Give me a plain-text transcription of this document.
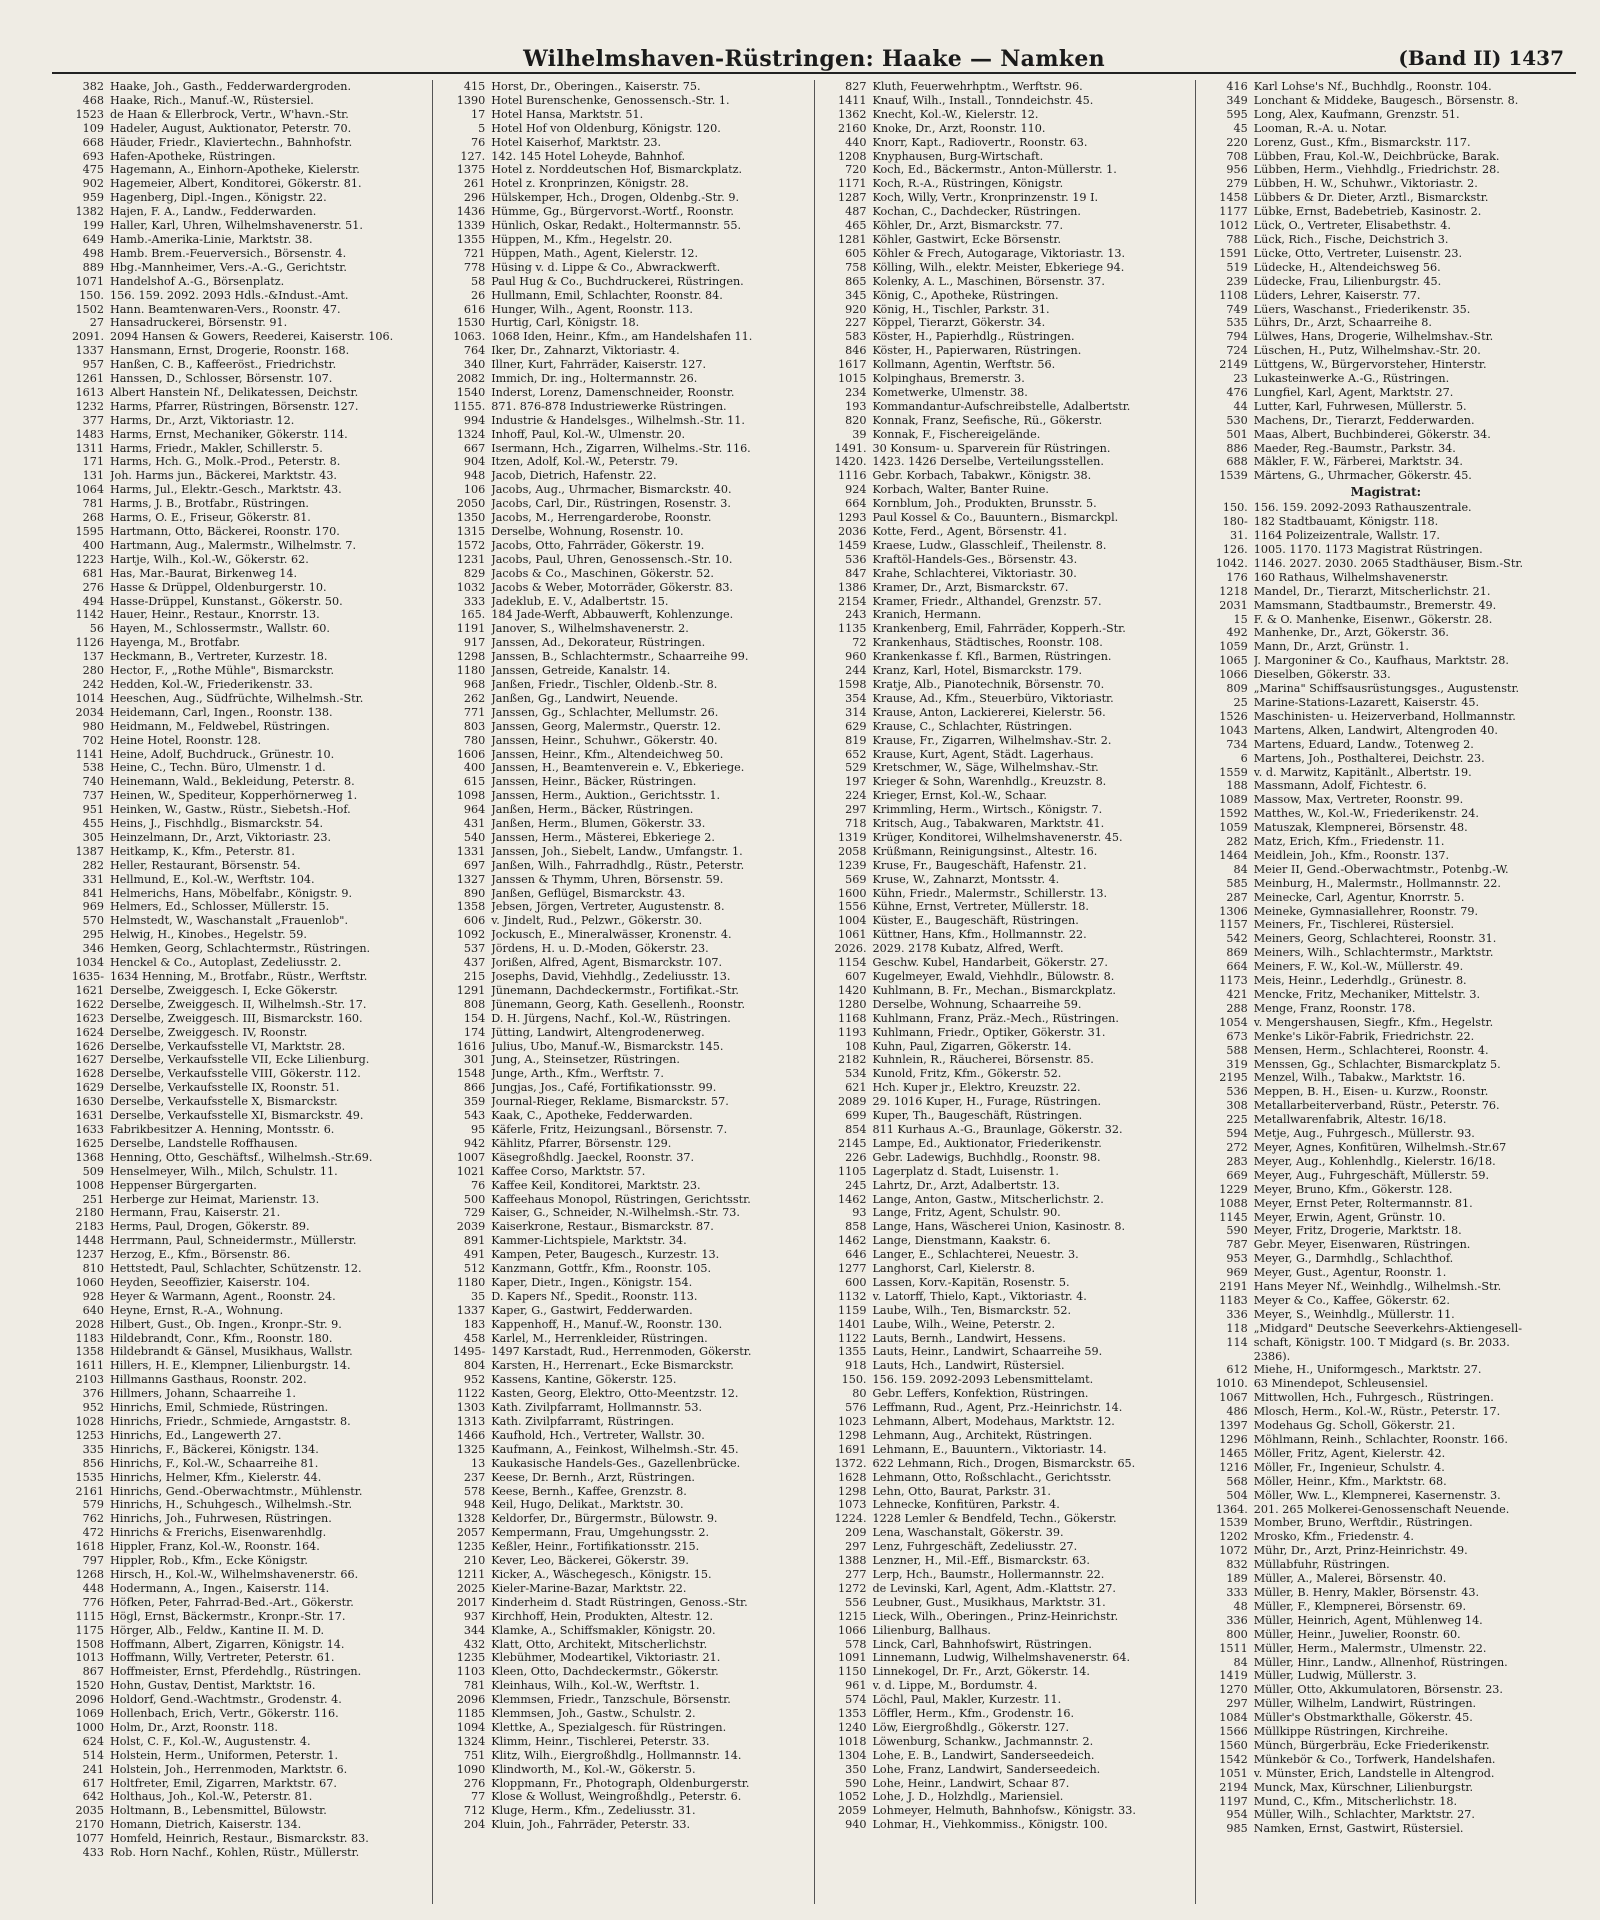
Wilhelmshaven-Rüstringen: Haake — Namken	(Band II) 1437
382 Haake, Joh., Gasth., Fedderwardergroden.
468 Haake, Rich., Manuf.-W., Rüstersiel.
1523 de Haan & Ellerbrock, Vertr., W'havn.-Str.
109 Hadeler, August, Auktionator, Peterstr. 70.
668 Häuder, Friedr., Klaviertechn., Bahnhofstr.
693 Hafen-Apotheke, Rüstringen.
475 Hagemann, A., Einhorn-Apotheke, Kielerstr.
902 Hagemeier, Albert, Konditorei, Gökerstr. 81.
959 Hagenberg, Dipl.-Ingen., Königstr. 22.
1382 Hajen, F. A., Landw., Fedderwarden.
199 Haller, Karl, Uhren, Wilhelmshavenerstr. 51.
649 Hamb.-Amerika-Linie, Marktstr. 38.
498 Hamb. Brem.-Feuerversich., Börsenstr. 4.
889 Hbg.-Mannheimer, Vers.-A.-G., Gerichtstr.
1071 Handelshof A.-G., Börsenplatz.
150. 156. 159. 2092. 2093 Hdls.-&Indust.-Amt.
1502 Hann. Beamtenwaren-Vers., Roonstr. 47.
27 Hansadruckerei, Börsenstr. 91.
2091. 2094 Hansen & Gowers, Reederei, Kaiserstr. 106.
1337 Hansmann, Ernst, Drogerie, Roonstr. 168.
957 Hanßen, C. B., Kaffeeröst., Friedrichstr.
1261 Hanssen, D., Schlosser, Börsenstr. 107.
1613 Albert Hanstein Nf., Delikatessen, Deichstr.
1232 Harms, Pfarrer, Rüstringen, Börsenstr. 127.
377 Harms, Dr., Arzt, Viktoriastr. 12.
1483 Harms, Ernst, Mechaniker, Gökerstr. 114.
1311 Harms, Friedr., Makler, Schillerstr. 5.
171 Harms, Hch. G., Molk.-Prod., Peterstr. 8.
131 Joh. Harms jun., Bäckerei, Marktstr. 43.
1064 Harms, Jul., Elektr.-Gesch., Marktstr. 43.
781 Harms, J. B., Brotfabr., Rüstringen.
268 Harms, O. E., Friseur, Gökerstr. 81.
1595 Hartmann, Otto, Bäckerei, Roonstr. 170.
400 Hartmann, Aug., Malermstr., Wilhelmstr. 7.
1223 Hartje, Wilh., Kol.-W., Gökerstr. 62.
681 Has, Mar.-Baurat, Birkenweg 14.
276 Hasse & Drüppel, Oldenburgerstr. 10.
494 Hasse-Drüppel, Kunstanst., Gökerstr. 50.
1142 Hauer, Heinr., Restaur., Knorrstr. 13.
56 Hayen, M., Schlossermstr., Wallstr. 60.
1126 Hayenga, M., Brotfabr.
137 Heckmann, B., Vertreter, Kurzestr. 18.
280 Hector, F., „Rothe Mühle", Bismarckstr.
242 Hedden, Kol.-W., Friederikenstr. 33.
1014 Heeschen, Aug., Südfrüchte, Wilhelmsh.-Str.
2034 Heidemann, Carl, Ingen., Roonstr. 138.
980 Heidmann, M., Feldwebel, Rüstringen.
702 Heine Hotel, Roonstr. 128.
1141 Heine, Adolf, Buchdruck., Grünestr. 10.
538 Heine, C., Techn. Büro, Ulmenstr. 1 d.
740 Heinemann, Wald., Bekleidung, Peterstr. 8.
737 Heinen, W., Spediteur, Kopperhörnerweg 1.
951 Heinken, W., Gastw., Rüstr., Siebetsh.-Hof.
455 Heins, J., Fischhdlg., Bismarckstr. 54.
305 Heinzelmann, Dr., Arzt, Viktoriastr. 23.
1387 Heitkamp, K., Kfm., Peterstr. 81.
282 Heller, Restaurant, Börsenstr. 54.
331 Hellmund, E., Kol.-W., Werftstr. 104.
841 Helmerichs, Hans, Möbelfabr., Königstr. 9.
969 Helmers, Ed., Schlosser, Müllerstr. 15.
570 Helmstedt, W., Waschanstalt „Frauenlob".
295 Helwig, H., Kinobes., Hegelstr. 59.
346 Hemken, Georg, Schlachtermstr., Rüstringen.
1034 Henckel & Co., Autoplast, Zedeliusstr. 2.
1635- 1634 Henning, M., Brotfabr., Rüstr., Werftstr.
1621 Derselbe, Zweiggesch. I, Ecke Gökerstr.
1622 Derselbe, Zweiggesch. II, Wilhelmsh.-Str. 17.
1623 Derselbe, Zweiggesch. III, Bismarckstr. 160.
1624 Derselbe, Zweiggesch. IV, Roonstr.
1626 Derselbe, Verkaufsstelle VI, Marktstr. 28.
1627 Derselbe, Verkaufsstelle VII, Ecke Lilienburg.
1628 Derselbe, Verkaufsstelle VIII, Gökerstr. 112.
1629 Derselbe, Verkaufsstelle IX, Roonstr. 51.
1630 Derselbe, Verkaufsstelle X, Bismarckstr.
1631 Derselbe, Verkaufsstelle XI, Bismarckstr. 49.
1633 Fabrikbesitzer A. Henning, Montsstr. 6.
1625 Derselbe, Landstelle Roffhausen.
1368 Henning, Otto, Geschäftsf., Wilhelmsh.-Str.69.
509 Henselmeyer, Wilh., Milch, Schulstr. 11.
1008 Heppenser Bürgergarten.
251 Herberge zur Heimat, Marienstr. 13.
2180 Hermann, Frau, Kaiserstr. 21.
2183 Herms, Paul, Drogen, Gökerstr. 89.
1448 Herrmann, Paul, Schneidermstr., Müllerstr.
1237 Herzog, E., Kfm., Börsenstr. 86.
810 Hettstedt, Paul, Schlachter, Schützenstr. 12.
1060 Heyden, Seeoffizier, Kaiserstr. 104.
928 Heyer & Warmann, Agent., Roonstr. 24.
640 Heyne, Ernst, R.-A., Wohnung.
2028 Hilbert, Gust., Ob. Ingen., Kronpr.-Str. 9.
1183 Hildebrandt, Conr., Kfm., Roonstr. 180.
1358 Hildebrandt & Gänsel, Musikhaus, Wallstr.
1611 Hillers, H. E., Klempner, Lilienburgstr. 14.
2103 Hillmanns Gasthaus, Roonstr. 202.
376 Hillmers, Johann, Schaarreihe 1.
952 Hinrichs, Emil, Schmiede, Rüstringen.
1028 Hinrichs, Friedr., Schmiede, Arngaststr. 8.
1253 Hinrichs, Ed., Langewerth 27.
335 Hinrichs, F., Bäckerei, Königstr. 134.
856 Hinrichs, F., Kol.-W., Schaarreihe 81.
1535 Hinrichs, Helmer, Kfm., Kielerstr. 44.
2161 Hinrichs, Gend.-Oberwachtmstr., Mühlenstr.
579 Hinrichs, H., Schuhgesch., Wilhelmsh.-Str.
762 Hinrichs, Joh., Fuhrwesen, Rüstringen.
472 Hinrichs & Frerichs, Eisenwarenhdlg.
1618 Hippler, Franz, Kol.-W., Roonstr. 164.
797 Hippler, Rob., Kfm., Ecke Königstr.
1268 Hirsch, H., Kol.-W., Wilhelmshavenerstr. 66.
448 Hodermann, A., Ingen., Kaiserstr. 114.
776 Höfken, Peter, Fahrrad-Bed.-Art., Gökerstr.
1115 Högl, Ernst, Bäckermstr., Kronpr.-Str. 17.
1175 Hörger, Alb., Feldw., Kantine II. M. D.
1508 Hoffmann, Albert, Zigarren, Königstr. 14.
1013 Hoffmann, Willy, Vertreter, Peterstr. 61.
867 Hoffmeister, Ernst, Pferdehdlg., Rüstringen.
1520 Hohn, Gustav, Dentist, Marktstr. 16.
2096 Holdorf, Gend.-Wachtmstr., Grodenstr. 4.
1069 Hollenbach, Erich, Vertr., Gökerstr. 116.
1000 Holm, Dr., Arzt, Roonstr. 118.
624 Holst, C. F., Kol.-W., Augustenstr. 4.
514 Holstein, Herm., Uniformen, Peterstr. 1.
241 Holstein, Joh., Herrenmoden, Marktstr. 6.
617 Holtfreter, Emil, Zigarren, Marktstr. 67.
642 Holthaus, Joh., Kol.-W., Peterstr. 81.
2035 Holtmann, B., Lebensmittel, Bülowstr.
2170 Homann, Dietrich, Kaiserstr. 134.
1077 Homfeld, Heinrich, Restaur., Bismarckstr. 83.
433 Rob. Horn Nachf., Kohlen, Rüstr., Müllerstr.
415 Horst, Dr., Oberingen., Kaiserstr. 75.
1390 Hotel Burenschenke, Genossensch.-Str. 1.
17 Hotel Hansa, Marktstr. 51.
5 Hotel Hof von Oldenburg, Königstr. 120.
76 Hotel Kaiserhof, Marktstr. 23.
127. 142. 145 Hotel Loheyde, Bahnhof.
1375 Hotel z. Norddeutschen Hof, Bismarckplatz.
261 Hotel z. Kronprinzen, Königstr. 28.
296 Hülskemper, Hch., Drogen, Oldenbg.-Str. 9.
1436 Hümme, Gg., Bürgervorst.-Wortf., Roonstr.
1339 Hünlich, Oskar, Redakt., Holtermannstr. 55.
1355 Hüppen, M., Kfm., Hegelstr. 20.
721 Hüppen, Math., Agent, Kielerstr. 12.
778 Hüsing v. d. Lippe & Co., Abwrackwerft.
58 Paul Hug & Co., Buchdruckerei, Rüstringen.
26 Hullmann, Emil, Schlachter, Roonstr. 84.
616 Hunger, Wilh., Agent, Roonstr. 113.
1530 Hurtig, Carl, Königstr. 18.
1063. 1068 Iden, Heinr., Kfm., am Handelshafen 11.
764 Iker, Dr., Zahnarzt, Viktoriastr. 4.
340 Illner, Kurt, Fahrräder, Kaiserstr. 127.
2082 Immich, Dr. ing., Holtermannstr. 26.
1540 Inderst, Lorenz, Damenschneider, Roonstr.
1155. 871. 876-878 Industriewerke Rüstringen.
994 Industrie & Handelsges., Wilhelmsh.-Str. 11.
1324 Inhoff, Paul, Kol.-W., Ulmenstr. 20.
667 Isermann, Hch., Zigarren, Wilhelms.-Str. 116.
904 Itzen, Adolf, Kol.-W., Peterstr. 79.
948 Jacob, Dietrich, Hafenstr. 22.
106 Jacobs, Aug., Uhrmacher, Bismarckstr. 40.
2050 Jacobs, Carl, Dir., Rüstringen, Rosenstr. 3.
1350 Jacobs, M., Herrengarderobe, Roonstr.
1315 Derselbe, Wohnung, Rosenstr. 10.
1572 Jacobs, Otto, Fahrräder, Gökerstr. 19.
1231 Jacobs, Paul, Uhren, Genossensch.-Str. 10.
829 Jacobs & Co., Maschinen, Gökerstr. 52.
1032 Jacobs & Weber, Motorräder, Gökerstr. 83.
333 Jadeklub, E. V., Adalbertstr. 15.
165. 184 Jade-Werft, Abbauwerft, Kohlenzunge.
1191 Janover, S., Wilhelmshavenerstr. 2.
917 Janssen, Ad., Dekorateur, Rüstringen.
1298 Janssen, B., Schlachtermstr., Schaarreihe 99.
1180 Janssen, Getreide, Kanalstr. 14.
968 Janßen, Friedr., Tischler, Oldenb.-Str. 8.
262 Janßen, Gg., Landwirt, Neuende.
771 Janssen, Gg., Schlachter, Mellumstr. 26.
803 Janssen, Georg, Malermstr., Querstr. 12.
780 Janssen, Heinr., Schuhwr., Gökerstr. 40.
1606 Janssen, Heinr., Kfm., Altendeichweg 50.
400 Janssen, H., Beamtenverein e. V., Ebkeriege.
615 Janssen, Heinr., Bäcker, Rüstringen.
1098 Janssen, Herm., Auktion., Gerichtsstr. 1.
964 Janßen, Herm., Bäcker, Rüstringen.
431 Janßen, Herm., Blumen, Gökerstr. 33.
540 Janssen, Herm., Mästerei, Ebkeriege 2.
1331 Janssen, Joh., Siebelt, Landw., Umfangstr. 1.
697 Janßen, Wilh., Fahrradhdlg., Rüstr., Peterstr.
1327 Janssen & Thymm, Uhren, Börsenstr. 59.
890 Janßen, Geflügel, Bismarckstr. 43.
1358 Jebsen, Jörgen, Vertreter, Augustenstr. 8.
606 v. Jindelt, Rud., Pelzwr., Gökerstr. 30.
1092 Jockusch, E., Mineralwässer, Kronenstr. 4.
537 Jördens, H. u. D.-Moden, Gökerstr. 23.
437 Jorißen, Alfred, Agent, Bismarckstr. 107.
215 Josephs, David, Viehhdlg., Zedeliusstr. 13.
1291 Jünemann, Dachdeckermstr., Fortifikat.-Str.
808 Jünemann, Georg, Kath. Gesellenh., Roonstr.
154 D. H. Jürgens, Nachf., Kol.-W., Rüstringen.
174 Jütting, Landwirt, Altengrodenerweg.
1616 Julius, Ubo, Manuf.-W., Bismarckstr. 145.
301 Jung, A., Steinsetzer, Rüstringen.
1548 Junge, Arth., Kfm., Werftstr. 7.
866 Jungjas, Jos., Café, Fortifikationsstr. 99.
359 Journal-Rieger, Reklame, Bismarckstr. 57.
543 Kaak, C., Apotheke, Fedderwarden.
95 Käferle, Fritz, Heizungsanl., Börsenstr. 7.
942 Kählitz, Pfarrer, Börsenstr. 129.
1007 Käsegroßhdlg. Jaeckel, Roonstr. 37.
1021 Kaffee Corso, Marktstr. 57.
76 Kaffee Keil, Konditorei, Marktstr. 23.
500 Kaffeehaus Monopol, Rüstringen, Gerichtsstr.
729 Kaiser, G., Schneider, N.-Wilhelmsh.-Str. 73.
2039 Kaiserkrone, Restaur., Bismarckstr. 87.
891 Kammer-Lichtspiele, Marktstr. 34.
491 Kampen, Peter, Baugesch., Kurzestr. 13.
512 Kanzmann, Gottfr., Kfm., Roonstr. 105.
1180 Kaper, Dietr., Ingen., Königstr. 154.
35 D. Kapers Nf., Spedit., Roonstr. 113.
1337 Kaper, G., Gastwirt, Fedderwarden.
183 Kappenhoff, H., Manuf.-W., Roonstr. 130.
458 Karlel, M., Herrenkleider, Rüstringen.
1495- 1497 Karstadt, Rud., Herrenmoden, Gökerstr.
804 Karsten, H., Herrenart., Ecke Bismarckstr.
952 Kassens, Kantine, Gökerstr. 125.
1122 Kasten, Georg, Elektro, Otto-Meentzstr. 12.
1303 Kath. Zivilpfarramt, Hollmannstr. 53.
1313 Kath. Zivilpfarramt, Rüstringen.
1466 Kaufhold, Hch., Vertreter, Wallstr. 30.
1325 Kaufmann, A., Feinkost, Wilhelmsh.-Str. 45.
13 Kaukasische Handels-Ges., Gazellenbrücke.
237 Keese, Dr. Bernh., Arzt, Rüstringen.
578 Keese, Bernh., Kaffee, Grenzstr. 8.
948 Keil, Hugo, Delikat., Marktstr. 30.
1328 Keldorfer, Dr., Bürgermstr., Bülowstr. 9.
2057 Kempermann, Frau, Umgehungsstr. 2.
1235 Keßler, Heinr., Fortifikationsstr. 215.
210 Kever, Leo, Bäckerei, Gökerstr. 39.
1211 Kicker, A., Wäschegesch., Königstr. 15.
2025 Kieler-Marine-Bazar, Marktstr. 22.
2017 Kinderheim d. Stadt Rüstringen, Genoss.-Str.
937 Kirchhoff, Hein, Produkten, Altestr. 12.
344 Klamke, A., Schiffsmakler, Königstr. 20.
432 Klatt, Otto, Architekt, Mitscherlichstr.
1235 Klebühmer, Modeartikel, Viktoriastr. 21.
1103 Kleen, Otto, Dachdeckermstr., Gökerstr.
781 Kleinhaus, Wilh., Kol.-W., Werftstr. 1.
2096 Klemmsen, Friedr., Tanzschule, Börsenstr.
1185 Klemmsen, Joh., Gastw., Schulstr. 2.
1094 Klettke, A., Spezialgesch. für Rüstringen.
1324 Klimm, Heinr., Tischlerei, Peterstr. 33.
751 Klitz, Wilh., Eiergroßhdlg., Hollmannstr. 14.
1090 Klindworth, M., Kol.-W., Gökerstr. 5.
276 Kloppmann, Fr., Photograph, Oldenburgerstr.
77 Klose & Wollust, Weingroßhdlg., Peterstr. 6.
712 Kluge, Herm., Kfm., Zedeliusstr. 31.
204 Kluin, Joh., Fahrräder, Peterstr. 33.
827 Kluth, Feuerwehrhptm., Werftstr. 96.
1411 Knauf, Wilh., Install., Tonndeichstr. 45.
1362 Knecht, Kol.-W., Kielerstr. 12.
2160 Knoke, Dr., Arzt, Roonstr. 110.
440 Knorr, Kapt., Radiovertr., Roonstr. 63.
1208 Knyphausen, Burg-Wirtschaft.
720 Koch, Ed., Bäckermstr., Anton-Müllerstr. 1.
1171 Koch, R.-A., Rüstringen, Königstr.
1287 Koch, Willy, Vertr., Kronprinzenstr. 19 I.
487 Kochan, C., Dachdecker, Rüstringen.
465 Köhler, Dr., Arzt, Bismarckstr. 77.
1281 Köhler, Gastwirt, Ecke Börsenstr.
605 Köhler & Frech, Autogarage, Viktoriastr. 13.
758 Kölling, Wilh., elektr. Meister, Ebkeriege 94.
865 Kolenky, A. L., Maschinen, Börsenstr. 37.
345 König, C., Apotheke, Rüstringen.
920 König, H., Tischler, Parkstr. 31.
227 Köppel, Tierarzt, Gökerstr. 34.
583 Köster, H., Papierhdlg., Rüstringen.
846 Köster, H., Papierwaren, Rüstringen.
1617 Kollmann, Agentin, Werftstr. 56.
1015 Kolpinghaus, Bremerstr. 3.
234 Kometwerke, Ulmenstr. 38.
193 Kommandantur-Aufschreibstelle, Adalbertstr.
820 Konnak, Franz, Seefische, Rü., Gökerstr.
39 Konnak, F., Fischereigelände.
1491. 30 Konsum- u. Sparverein für Rüstringen.
1420. 1423. 1426 Derselbe, Verteilungsstellen.
1116 Gebr. Korbach, Tabakwr., Königstr. 38.
924 Korbach, Walter, Banter Ruine.
664 Kornblum, Joh., Produkten, Brunsstr. 5.
1293 Paul Kossel & Co., Bauuntern., Bismarckpl.
2036 Kotte, Ferd., Agent, Börsenstr. 41.
1459 Kraese, Ludw., Glasschleif., Theilenstr. 8.
536 Kraftöl-Handels-Ges., Börsenstr. 43.
847 Krahe, Schlachterei, Viktoriastr. 30.
1386 Kramer, Dr., Arzt, Bismarckstr. 67.
2154 Kramer, Friedr., Althandel, Grenzstr. 57.
243 Kranich, Hermann.
1135 Krankenberg, Emil, Fahrräder, Kopperh.-Str.
72 Krankenhaus, Städtisches, Roonstr. 108.
960 Krankenkasse f. Kfl., Barmen, Rüstringen.
244 Kranz, Karl, Hotel, Bismarckstr. 179.
1598 Kratje, Alb., Pianotechnik, Börsenstr. 70.
354 Krause, Ad., Kfm., Steuerbüro, Viktoriastr.
314 Krause, Anton, Lackiererei, Kielerstr. 56.
629 Krause, C., Schlachter, Rüstringen.
819 Krause, Fr., Zigarren, Wilhelmshav.-Str. 2.
652 Krause, Kurt, Agent, Städt. Lagerhaus.
529 Kretschmer, W., Säge, Wilhelmshav.-Str.
197 Krieger & Sohn, Warenhdlg., Kreuzstr. 8.
224 Krieger, Ernst, Kol.-W., Schaar.
297 Krimmling, Herm., Wirtsch., Königstr. 7.
718 Kritsch, Aug., Tabakwaren, Marktstr. 41.
1319 Krüger, Konditorei, Wilhelmshavenerstr. 45.
2058 Krüßmann, Reinigungsinst., Altestr. 16.
1239 Kruse, Fr., Baugeschäft, Hafenstr. 21.
569 Kruse, W., Zahnarzt, Montsstr. 4.
1600 Kühn, Friedr., Malermstr., Schillerstr. 13.
1556 Kühne, Ernst, Vertreter, Müllerstr. 18.
1004 Küster, E., Baugeschäft, Rüstringen.
1061 Küttner, Hans, Kfm., Hollmannstr. 22.
2026. 2029. 2178 Kubatz, Alfred, Werft.
1154 Geschw. Kubel, Handarbeit, Gökerstr. 27.
607 Kugelmeyer, Ewald, Viehhdlr., Bülowstr. 8.
1420 Kuhlmann, B. Fr., Mechan., Bismarckplatz.
1280 Derselbe, Wohnung, Schaarreihe 59.
1168 Kuhlmann, Franz, Präz.-Mech., Rüstringen.
1193 Kuhlmann, Friedr., Optiker, Gökerstr. 31.
108 Kuhn, Paul, Zigarren, Gökerstr. 14.
2182 Kuhnlein, R., Räucherei, Börsenstr. 85.
534 Kunold, Fritz, Kfm., Gökerstr. 52.
621 Hch. Kuper jr., Elektro, Kreuzstr. 22.
2089 29. 1016 Kuper, H., Furage, Rüstringen.
699 Kuper, Th., Baugeschäft, Rüstringen.
854 811 Kurhaus A.-G., Braunlage, Gökerstr. 32.
2145 Lampe, Ed., Auktionator, Friederikenstr.
226 Gebr. Ladewigs, Buchhdlg., Roonstr. 98.
1105 Lagerplatz d. Stadt, Luisenstr. 1.
245 Lahrtz, Dr., Arzt, Adalbertstr. 13.
1462 Lange, Anton, Gastw., Mitscherlichstr. 2.
93 Lange, Fritz, Agent, Schulstr. 90.
858 Lange, Hans, Wäscherei Union, Kasinostr. 8.
1462 Lange, Dienstmann, Kaakstr. 6.
646 Langer, E., Schlachterei, Neuestr. 3.
1277 Langhorst, Carl, Kielerstr. 8.
600 Lassen, Korv.-Kapitän, Rosenstr. 5.
1132 v. Latorff, Thielo, Kapt., Viktoriastr. 4.
1159 Laube, Wilh., Ten, Bismarckstr. 52.
1401 Laube, Wilh., Weine, Peterstr. 2.
1122 Lauts, Bernh., Landwirt, Hessens.
1355 Lauts, Heinr., Landwirt, Schaarreihe 59.
918 Lauts, Hch., Landwirt, Rüstersiel.
150. 156. 159. 2092-2093 Lebensmittelamt.
80 Gebr. Leffers, Konfektion, Rüstringen.
576 Leffmann, Rud., Agent, Prz.-Heinrichstr. 14.
1023 Lehmann, Albert, Modehaus, Marktstr. 12.
1298 Lehmann, Aug., Architekt, Rüstringen.
1691 Lehmann, E., Bauuntern., Viktoriastr. 14.
1372. 622 Lehmann, Rich., Drogen, Bismarckstr. 65.
1628 Lehmann, Otto, Roßschlacht., Gerichtsstr.
1298 Lehn, Otto, Baurat, Parkstr. 31.
1073 Lehnecke, Konfitüren, Parkstr. 4.
1224. 1228 Lemler & Bendfeld, Techn., Gökerstr.
209 Lena, Waschanstalt, Gökerstr. 39.
297 Lenz, Fuhrgeschäft, Zedeliusstr. 27.
1388 Lenzner, H., Mil.-Eff., Bismarckstr. 63.
277 Lerp, Hch., Baumstr., Hollermannstr. 22.
1272 de Levinski, Karl, Agent, Adm.-Klattstr. 27.
556 Leubner, Gust., Musikhaus, Marktstr. 31.
1215 Lieck, Wilh., Oberingen., Prinz-Heinrichstr.
1066 Lilienburg, Ballhaus.
578 Linck, Carl, Bahnhofswirt, Rüstringen.
1091 Linnemann, Ludwig, Wilhelmshavenerstr. 64.
1150 Linnekogel, Dr. Fr., Arzt, Gökerstr. 14.
961 v. d. Lippe, M., Bordumstr. 4.
574 Löchl, Paul, Makler, Kurzestr. 11.
1353 Löffler, Herm., Kfm., Grodenstr. 16.
1240 Löw, Eiergroßhdlg., Gökerstr. 127.
1018 Löwenburg, Schankw., Jachmannstr. 2.
1304 Lohe, E. B., Landwirt, Sanderseedeich.
350 Lohe, Franz, Landwirt, Sanderseedeich.
590 Lohe, Heinr., Landwirt, Schaar 87.
1052 Lohe, J. D., Holzhdlg., Mariensiel.
2059 Lohmeyer, Helmuth, Bahnhofsw., Königstr. 33.
940 Lohmar, H., Viehkommiss., Königstr. 100.
416 Karl Lohse's Nf., Buchhdlg., Roonstr. 104.
349 Lonchant & Middeke, Baugesch., Börsenstr. 8.
595 Long, Alex, Kaufmann, Grenzstr. 51.
45 Looman, R.-A. u. Notar.
220 Lorenz, Gust., Kfm., Bismarckstr. 117.
708 Lübben, Frau, Kol.-W., Deichbrücke, Barak.
956 Lübben, Herm., Viehhdlg., Friedrichstr. 28.
279 Lübben, H. W., Schuhwr., Viktoriastr. 2.
1458 Lübbers & Dr. Dieter, Arztl., Bismarckstr.
1177 Lübke, Ernst, Badebetrieb, Kasinostr. 2.
1012 Lück, O., Vertreter, Elisabethstr. 4.
788 Lück, Rich., Fische, Deichstrich 3.
1591 Lücke, Otto, Vertreter, Luisenstr. 23.
519 Lüdecke, H., Altendeichsweg 56.
239 Lüdecke, Frau, Lilienburgstr. 45.
1108 Lüders, Lehrer, Kaiserstr. 77.
749 Lüers, Waschanst., Friederikenstr. 35.
535 Lührs, Dr., Arzt, Schaarreihe 8.
794 Lülwes, Hans, Drogerie, Wilhelmshav.-Str.
724 Lüschen, H., Putz, Wilhelmshav.-Str. 20.
2149 Lüttgens, W., Bürgervorsteher, Hinterstr.
23 Lukasteinwerke A.-G., Rüstringen.
476 Lungfiel, Karl, Agent, Marktstr. 27.
44 Lutter, Karl, Fuhrwesen, Müllerstr. 5.
530 Machens, Dr., Tierarzt, Fedderwarden.
501 Maas, Albert, Buchbinderei, Gökerstr. 34.
886 Maeder, Reg.-Baumstr., Parkstr. 34.
688 Mäkler, F. W., Färberei, Marktstr. 34.
1539 Märtens, G., Uhrmacher, Gökerstr. 45.
Magistrat:
150. 156. 159. 2092-2093 Rathauszentrale.
180- 182 Stadtbauamt, Königstr. 118.
31. 1164 Polizeizentrale, Wallstr. 17.
126. 1005. 1170. 1173 Magistrat Rüstringen.
1042. 1146. 2027. 2030. 2065 Stadthäuser, Bism.-Str.
176 160 Rathaus, Wilhelmshavenerstr.
1218 Mandel, Dr., Tierarzt, Mitscherlichstr. 21.
2031 Mamsmann, Stadtbaumstr., Bremerstr. 49.
15 F. & O. Manhenke, Eisenwr., Gökerstr. 28.
492 Manhenke, Dr., Arzt, Gökerstr. 36.
1059 Mann, Dr., Arzt, Grünstr. 1.
1065 J. Margoniner & Co., Kaufhaus, Marktstr. 28.
1066 Dieselben, Gökerstr. 33.
809 „Marina" Schiffsausrüstungsges., Augustenstr.
25 Marine-Stations-Lazarett, Kaiserstr. 45.
1526 Maschinisten- u. Heizerverband, Hollmannstr.
1043 Martens, Alken, Landwirt, Altengroden 40.
734 Martens, Eduard, Landw., Totenweg 2.
6 Martens, Joh., Posthalterei, Deichstr. 23.
1559 v. d. Marwitz, Kapitänlt., Albertstr. 19.
188 Massmann, Adolf, Fichtestr. 6.
1089 Massow, Max, Vertreter, Roonstr. 99.
1592 Matthes, W., Kol.-W., Friederikenstr. 24.
1059 Matuszak, Klempnerei, Börsenstr. 48.
282 Matz, Erich, Kfm., Friedenstr. 11.
1464 Meidlein, Joh., Kfm., Roonstr. 137.
84 Meier II, Gend.-Oberwachtmstr., Potenbg.-W.
585 Meinburg, H., Malermstr., Hollmannstr. 22.
287 Meinecke, Carl, Agentur, Knorrstr. 5.
1306 Meineke, Gymnasiallehrer, Roonstr. 79.
1157 Meiners, Fr., Tischlerei, Rüstersiel.
542 Meiners, Georg, Schlachterei, Roonstr. 31.
869 Meiners, Wilh., Schlachtermstr., Marktstr.
664 Meiners, F. W., Kol.-W., Müllerstr. 49.
1173 Meis, Heinr., Lederhdlg., Grünestr. 8.
421 Mencke, Fritz, Mechaniker, Mittelstr. 3.
288 Menge, Franz, Roonstr. 178.
1054 v. Mengershausen, Siegfr., Kfm., Hegelstr.
673 Menke's Likör-Fabrik, Friedrichstr. 22.
588 Mensen, Herm., Schlachterei, Roonstr. 4.
319 Menssen, Gg., Schlachter, Bismarckplatz 5.
2195 Menzel, Wilh., Tabakw., Marktstr. 16.
536 Meppen, B. H., Eisen- u. Kurzw., Roonstr.
308 Metallarbeiterverband, Rüstr., Peterstr. 76.
225 Metallwarenfabrik, Altestr. 16/18.
594 Metje, Aug., Fuhrgesch., Müllerstr. 93.
272 Meyer, Agnes, Konfitüren, Wilhelmsh.-Str.67
283 Meyer, Aug., Kohlenhdlg., Kielerstr. 16/18.
669 Meyer, Aug., Fuhrgeschäft, Müllerstr. 59.
1229 Meyer, Bruno, Kfm., Gökerstr. 128.
1088 Meyer, Ernst Peter, Roltermannstr. 81.
1145 Meyer, Erwin, Agent, Grünstr. 10.
590 Meyer, Fritz, Drogerie, Marktstr. 18.
787 Gebr. Meyer, Eisenwaren, Rüstringen.
953 Meyer, G., Darmhdlg., Schlachthof.
969 Meyer, Gust., Agentur, Roonstr. 1.
2191 Hans Meyer Nf., Weinhdlg., Wilhelmsh.-Str.
1183 Meyer & Co., Kaffee, Gökerstr. 62.
336 Meyer, S., Weinhdlg., Müllerstr. 11.
118 „Midgard" Deutsche Seeverkehrs-Aktiengesell-
114 schaft, Königstr. 100. T Midgard (s. Br. 2033.
2386).
612 Miehe, H., Uniformgesch., Marktstr. 27.
1010. 63 Minendepot, Schleusensiel.
1067 Mittwollen, Hch., Fuhrgesch., Rüstringen.
486 Mlosch, Herm., Kol.-W., Rüstr., Peterstr. 17.
1397 Modehaus Gg. Scholl, Gökerstr. 21.
1296 Möhlmann, Reinh., Schlachter, Roonstr. 166.
1465 Möller, Fritz, Agent, Kielerstr. 42.
1216 Möller, Fr., Ingenieur, Schulstr. 4.
568 Möller, Heinr., Kfm., Marktstr. 68.
504 Möller, Ww. L., Klempnerei, Kasernenstr. 3.
1364. 201. 265 Molkerei-Genossenschaft Neuende.
1539 Momber, Bruno, Werftdir., Rüstringen.
1202 Mrosko, Kfm., Friedenstr. 4.
1072 Mühr, Dr., Arzt, Prinz-Heinrichstr. 49.
832 Müllabfuhr, Rüstringen.
189 Müller, A., Malerei, Börsenstr. 40.
333 Müller, B. Henry, Makler, Börsenstr. 43.
48 Müller, F., Klempnerei, Börsenstr. 69.
336 Müller, Heinrich, Agent, Mühlenweg 14.
800 Müller, Heinr., Juwelier, Roonstr. 60.
1511 Müller, Herm., Malermstr., Ulmenstr. 22.
84 Müller, Hinr., Landw., Allnenhof, Rüstringen.
1419 Müller, Ludwig, Müllerstr. 3.
1270 Müller, Otto, Akkumulatoren, Börsenstr. 23.
297 Müller, Wilhelm, Landwirt, Rüstringen.
1084 Müller's Obstmarkthalle, Gökerstr. 45.
1566 Müllkippe Rüstringen, Kirchreihe.
1560 Münch, Bürgerbräu, Ecke Friederikenstr.
1542 Münkebör & Co., Torfwerk, Handelshafen.
1051 v. Münster, Erich, Landstelle in Altengrod.
2194 Munck, Max, Kürschner, Lilienburgstr.
1197 Mund, C., Kfm., Mitscherlichstr. 18.
954 Müller, Wilh., Schlachter, Marktstr. 27.
985 Namken, Ernst, Gastwirt, Rüstersiel.
